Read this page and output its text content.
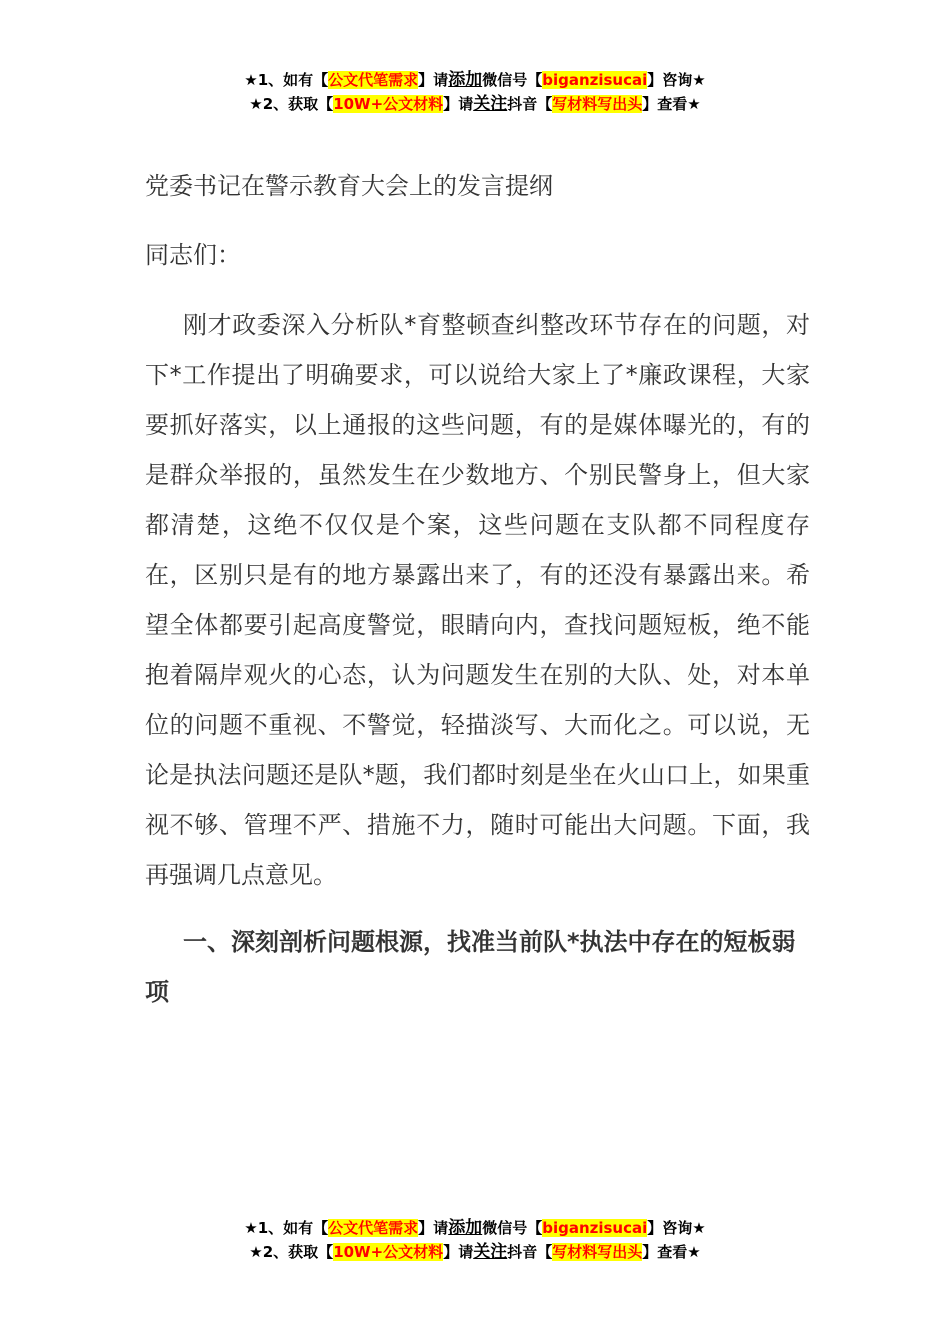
★1、如有【公文代笔需求】请添加微信号【biganzisucai】咨询★
★2、获取【10W+公文材料】请关注抖音【写材料写出头】查看★
党委书记在警示教育大会上的发言提纲
同志们：
刚才政委深入分析队*育整顿查纠整改环节存在的问题，对下*工作提出了明确要求，可以说给大家上了*廉政课程，大家要抓好落实，以上通报的这些问题，有的是媒体曝光的，有的是群众举报的，虽然发生在少数地方、个别民警身上，但大家都清楚，这绝不仅仅是个案，这些问题在支队都不同程度存在，区别只是有的地方暴露出来了，有的还没有暴露出来。希望全体都要引起高度警觉，眼睛向内，查找问题短板，绝不能抱着隔岸观火的心态，认为问题发生在别的大队、处，对本单位的问题不重视、不警觉，轻描淡写、大而化之。可以说，无论是执法问题还是队*题，我们都时刻是坐在火山口上，如果重视不够、管理不严、措施不力，随时可能出大问题。下面，我再强调几点意见。
一、深刻剖析问题根源，找准当前队*执法中存在的短板弱项
★1、如有【公文代笔需求】请添加微信号【biganzisucai】咨询★
★2、获取【10W+公文材料】请关注抖音【写材料写出头】查看★
